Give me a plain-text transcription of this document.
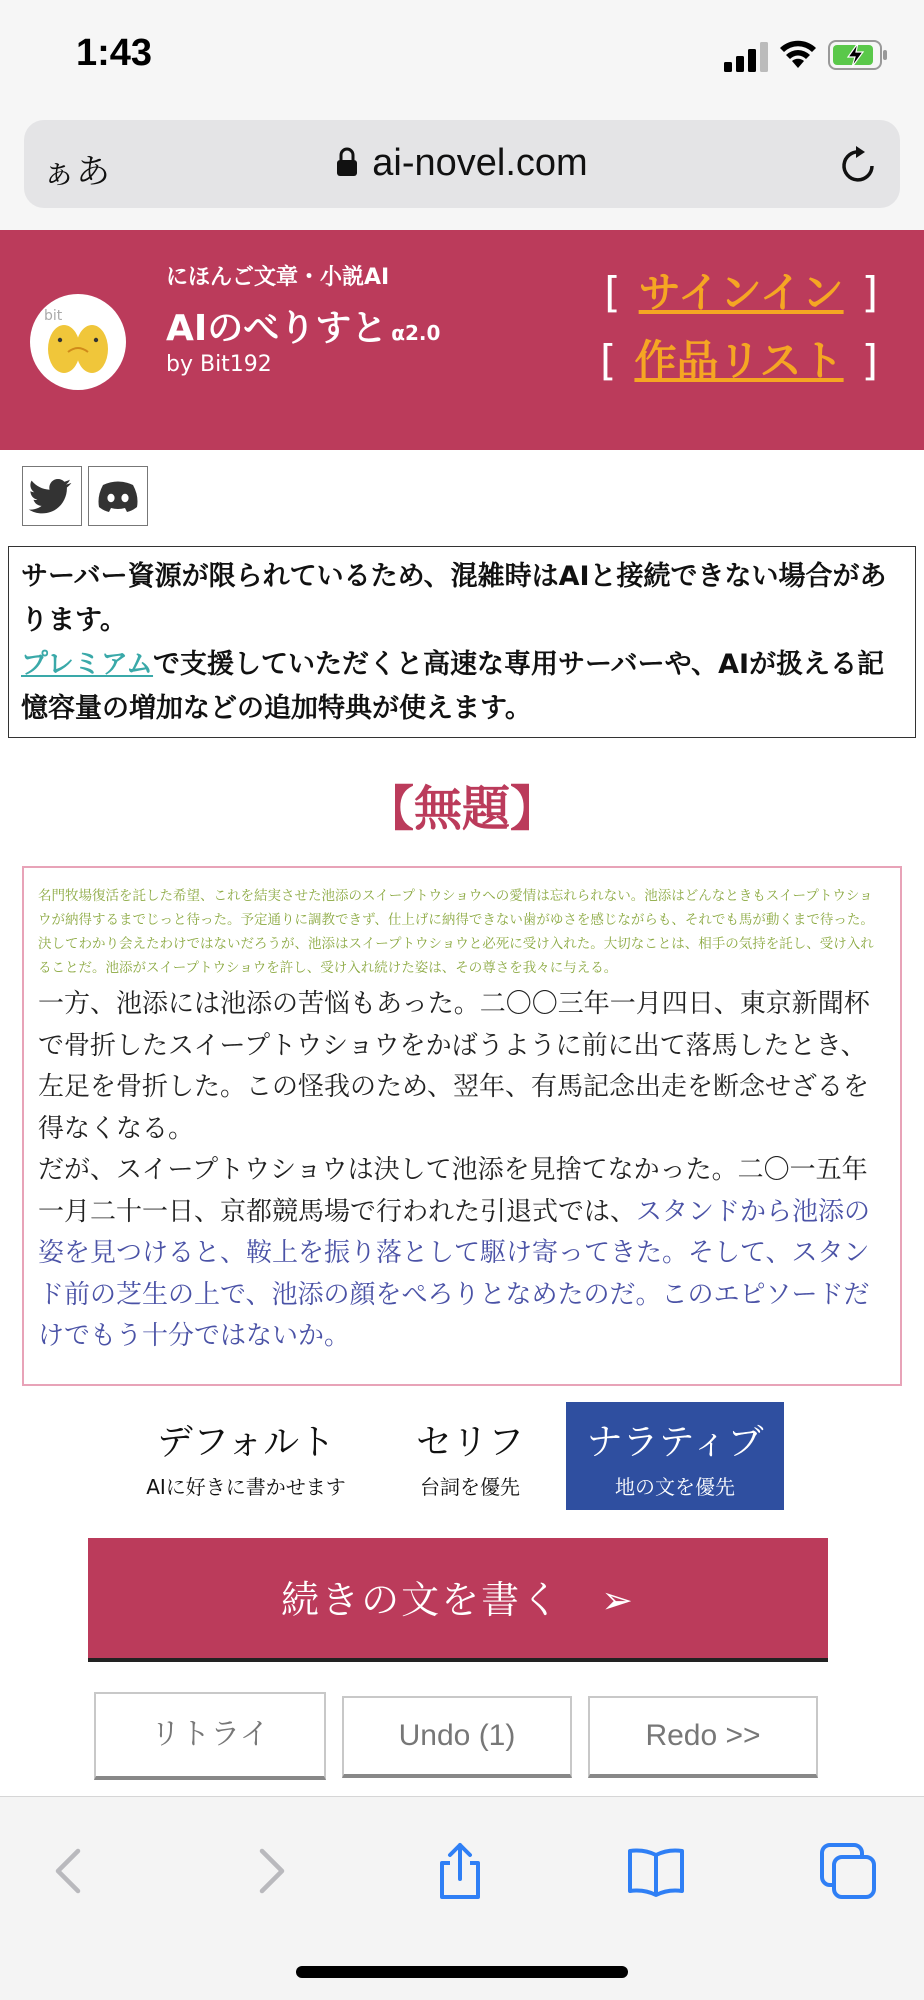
1:43
ぁあ	ai-novel.com
bit
にほんご文章・小説AI
AIのべりすと α2.0
by Bit192
[ サインイン ]
[ 作品リスト ]
サーバー資源が限られているため、混雑時はAIと接続できない場合があります。
プレミアムで支援していただくと高速な専用サーバーや、AIが扱える記憶容量の増加などの追加特典が使えます。
【無題】
名門牧場復活を託した希望、これを結実させた池添のスイープトウショウへの愛情は忘れられない。池添はどんなときもスイープトウショウが納得するまでじっと待った。予定通りに調教できず、仕上げに納得できない歯がゆさを感じながらも、それでも馬が動くまで待った。
決してわかり会えたわけではないだろうが、池添はスイープトウショウと必死に受け入れた。大切なことは、相手の気持を託し、受け入れることだ。池添がスイープトウショウを許し、受け入れ続けた姿は、その尊さを我々に与える。
一方、池添には池添の苦悩もあった。二〇〇三年一月四日、東京新聞杯で骨折したスイープトウショウをかばうように前に出て落馬したとき、左足を骨折した。この怪我のため、翌年、有馬記念出走を断念せざるを得なくなる。
だが、スイープトウショウは決して池添を見捨てなかった。二〇一五年一月二十一日、京都競馬場で行われた引退式では、スタンドから池添の姿を見つけると、鞍上を振り落として駆け寄ってきた。そして、スタンド前の芝生の上で、池添の顔をぺろりとなめたのだ。このエピソードだけでもう十分ではないか。
デフォルト
AIに好きに書かせます
セリフ
台詞を優先
ナラティブ
地の文を優先
続きの文を書く　➢
リトライ	Undo (1)	Redo >>
